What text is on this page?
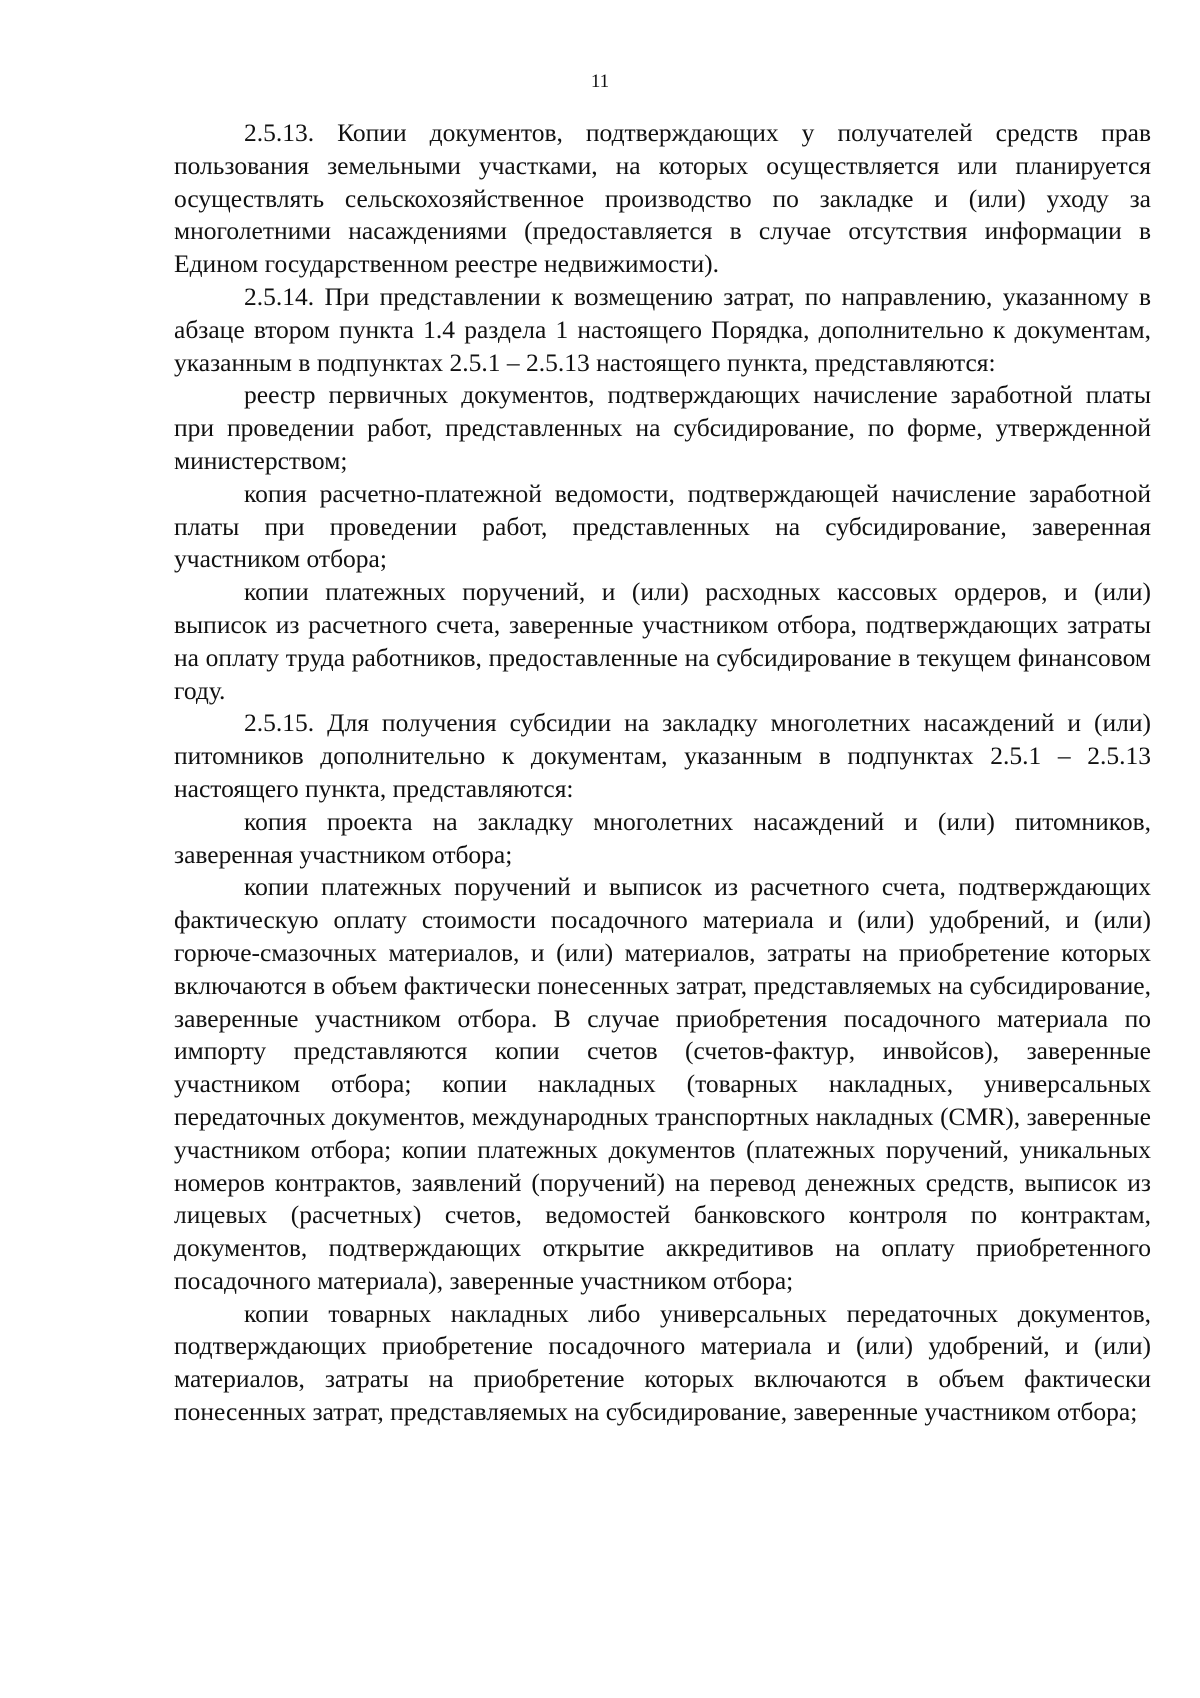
11

2.5.13. Копии документов, подтверждающих у получателей средств прав пользования земельными участками, на которых осуществляется или планируется осуществлять сельскохозяйственное производство по закладке и (или) уходу за многолетними насаждениями (предоставляется в случае отсутствия информации в Едином государственном реестре недвижимости).

2.5.14. При представлении к возмещению затрат, по направлению, указанному в абзаце втором пункта 1.4 раздела 1 настоящего Порядка, дополнительно к документам, указанным в подпунктах 2.5.1 – 2.5.13 настоящего пункта, представляются:

реестр первичных документов, подтверждающих начисление заработной платы при проведении работ, представленных на субсидирование, по форме, утвержденной министерством;

копия расчетно-платежной ведомости, подтверждающей начисление заработной платы при проведении работ, представленных на субсидирование, заверенная участником отбора;

копии платежных поручений, и (или) расходных кассовых ордеров, и (или) выписок из расчетного счета, заверенные участником отбора, подтверждающих затраты на оплату труда работников, предоставленные на субсидирование в текущем финансовом году.

2.5.15. Для получения субсидии на закладку многолетних насаждений и (или) питомников дополнительно к документам, указанным в подпунктах 2.5.1 – 2.5.13 настоящего пункта, представляются:

копия проекта на закладку многолетних насаждений и (или) питомников, заверенная участником отбора;

копии платежных поручений и выписок из расчетного счета, подтверждающих фактическую оплату стоимости посадочного материала и (или) удобрений, и (или) горюче-смазочных материалов, и (или) материалов, затраты на приобретение которых включаются в объем фактически понесенных затрат, представляемых на субсидирование, заверенные участником отбора. В случае приобретения посадочного материала по импорту представляются копии счетов (счетов-фактур, инвойсов), заверенные участником отбора; копии накладных (товарных накладных, универсальных передаточных документов, международных транспортных накладных (CMR), заверенные участником отбора; копии платежных документов (платежных поручений, уникальных номеров контрактов, заявлений (поручений) на перевод денежных средств, выписок из лицевых (расчетных) счетов, ведомостей банковского контроля по контрактам, документов, подтверждающих открытие аккредитивов на оплату приобретенного посадочного материала), заверенные участником отбора;

копии товарных накладных либо универсальных передаточных документов, подтверждающих приобретение посадочного материала и (или) удобрений, и (или) материалов, затраты на приобретение которых включаются в объем фактически понесенных затрат, представляемых на субсидирование, заверенные участником отбора;
